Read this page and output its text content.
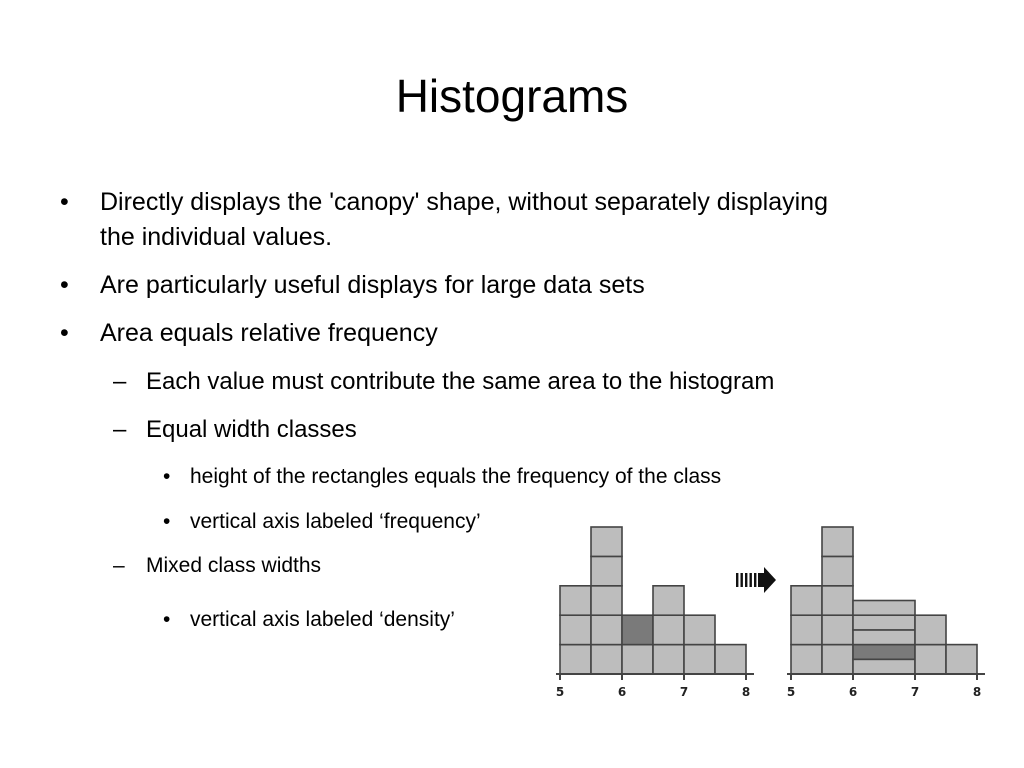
Histograms
• Directly displays the 'canopy' shape, without separately displaying
the individual values.
• Are particularly useful displays for large data sets
• Area equals relative frequency
– Each value must contribute the same area to the histogram
– Equal width classes
• height of the rectangles equals the frequency of the class
• vertical axis labeled ‘frequency’
– Mixed class widths
• vertical axis labeled ‘density’
5	6	7	8	5	6	7	8
